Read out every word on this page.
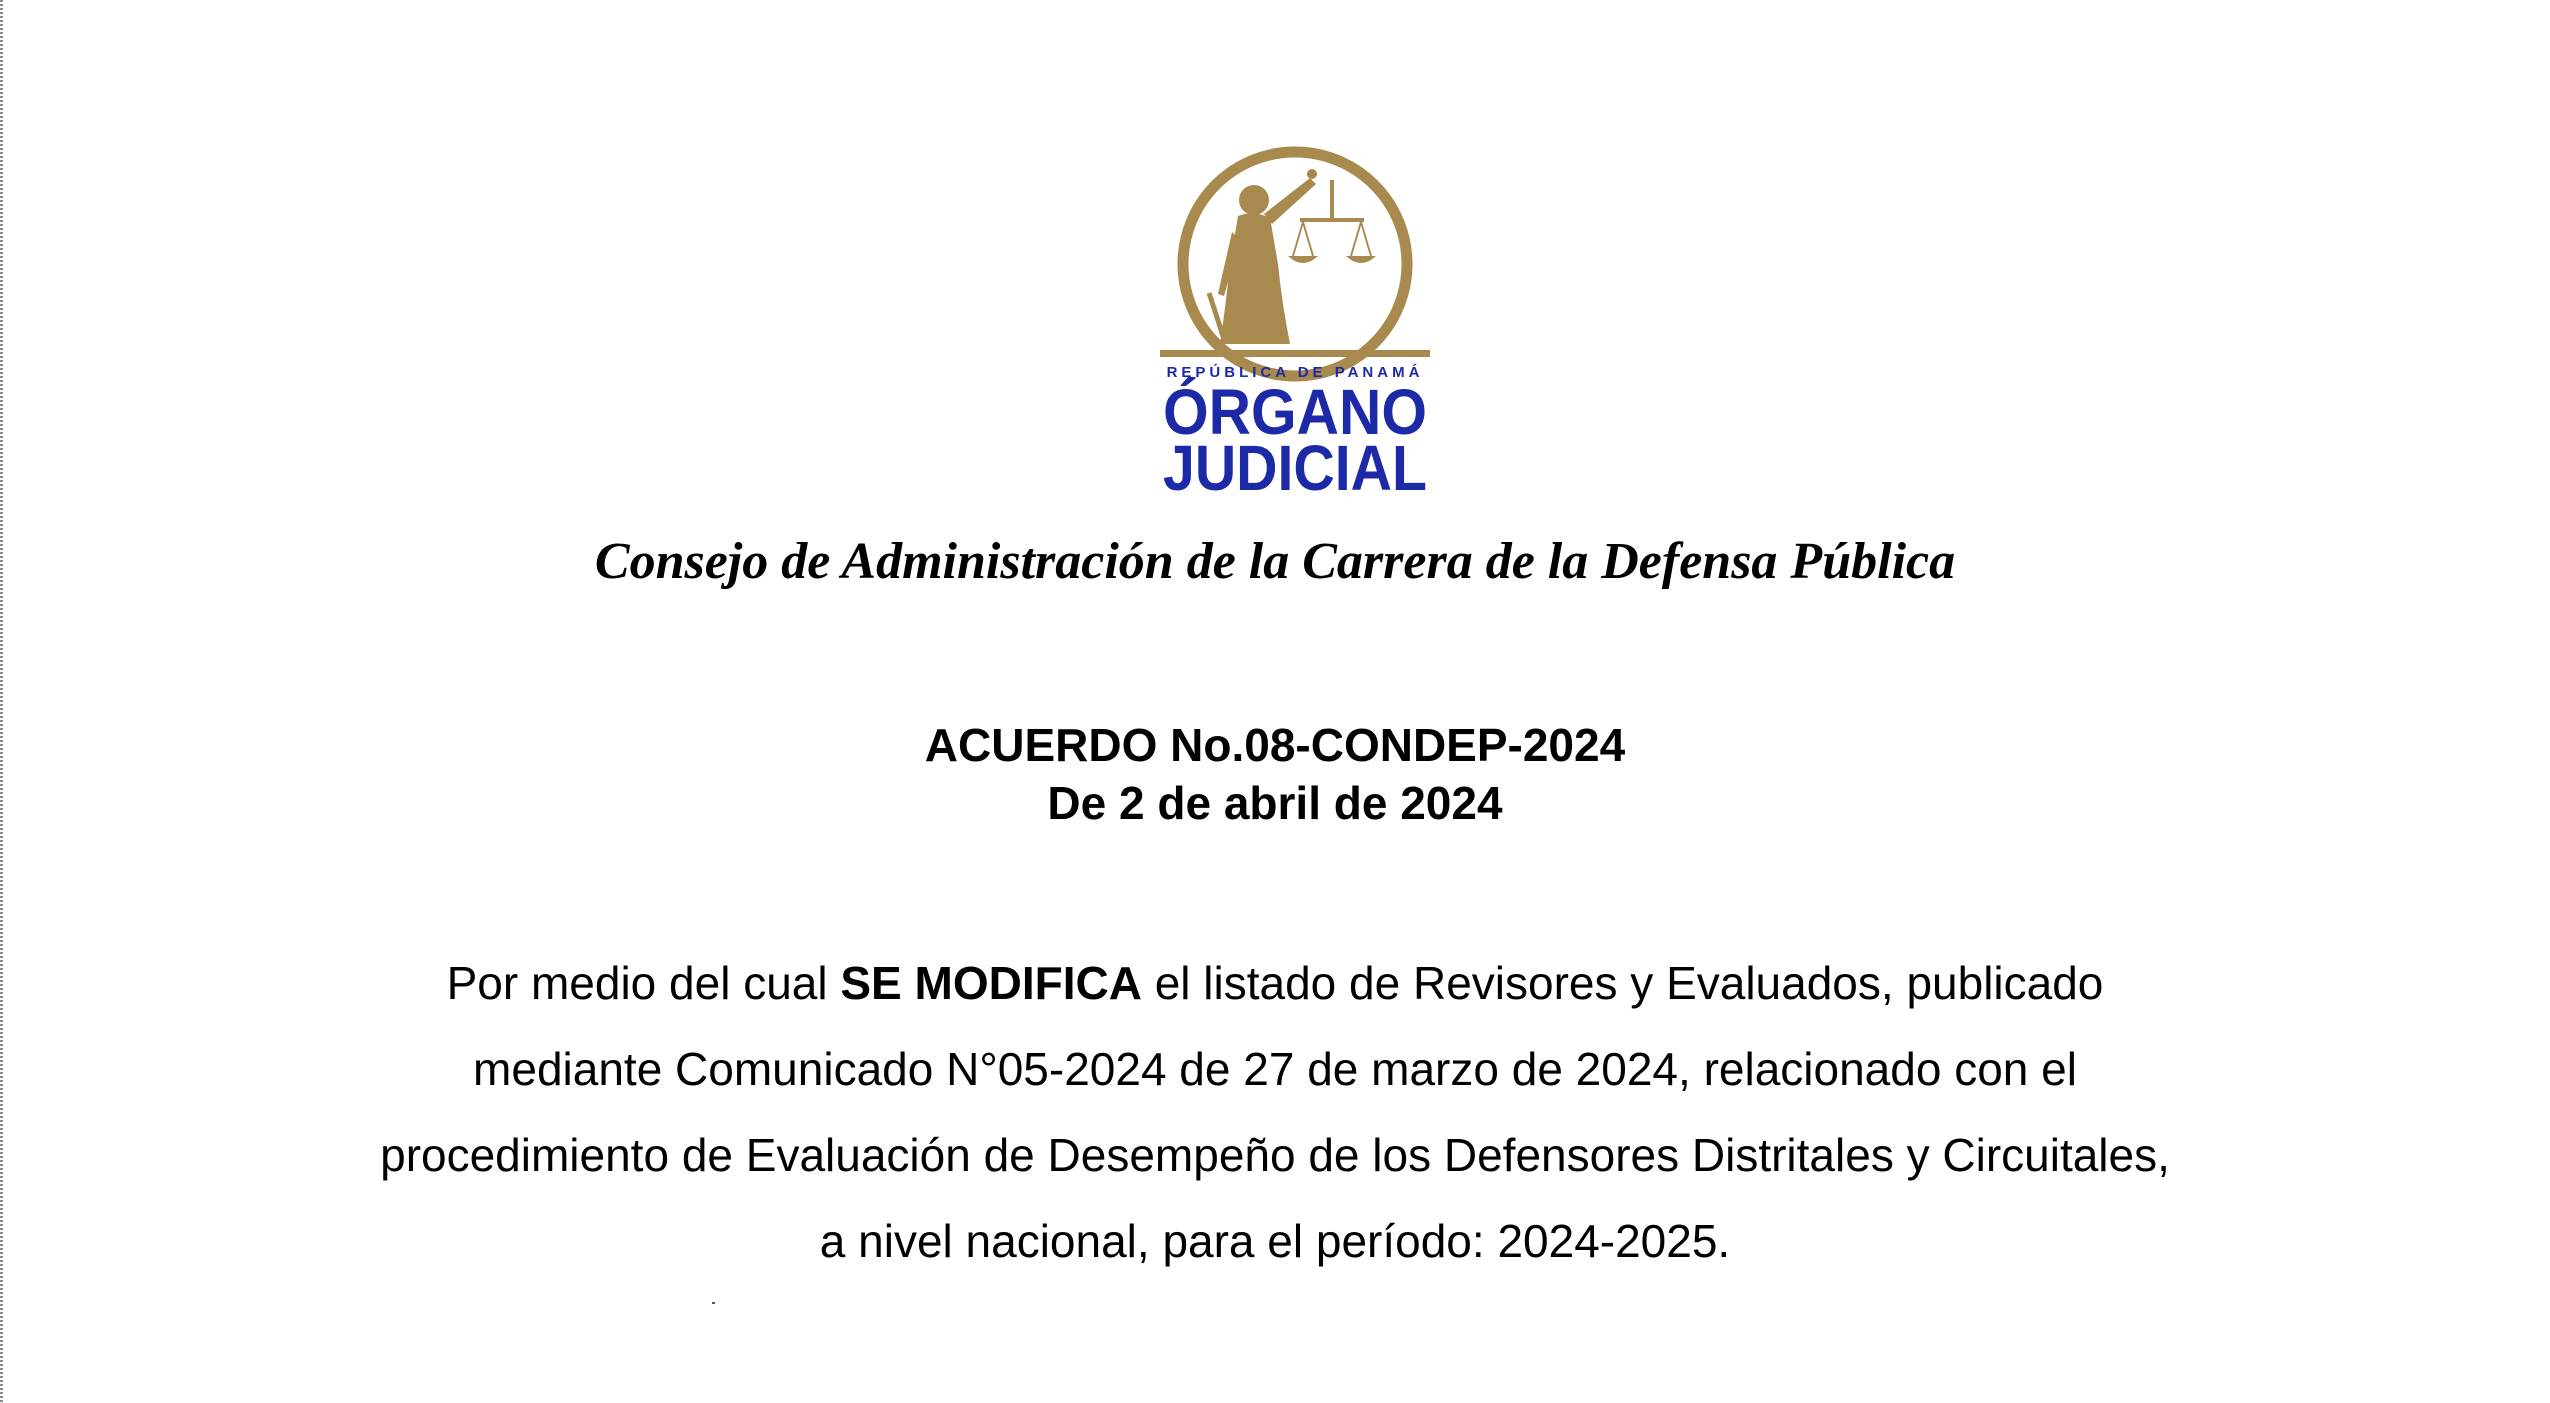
REPÚBLICA DE PANAMÁ
ÓRGANO
JUDICIAL
Consejo de Administración de la Carrera de la Defensa Pública
ACUERDO No.08-CONDEP-2024
De 2 de abril de 2024
Por medio del cual SE MODIFICA el listado de Revisores y Evaluados, publicado mediante Comunicado N°05-2024 de 27 de marzo de 2024, relacionado con el procedimiento de Evaluación de Desempeño de los Defensores Distritales y Circuitales, a nivel nacional, para el período: 2024-2025.
